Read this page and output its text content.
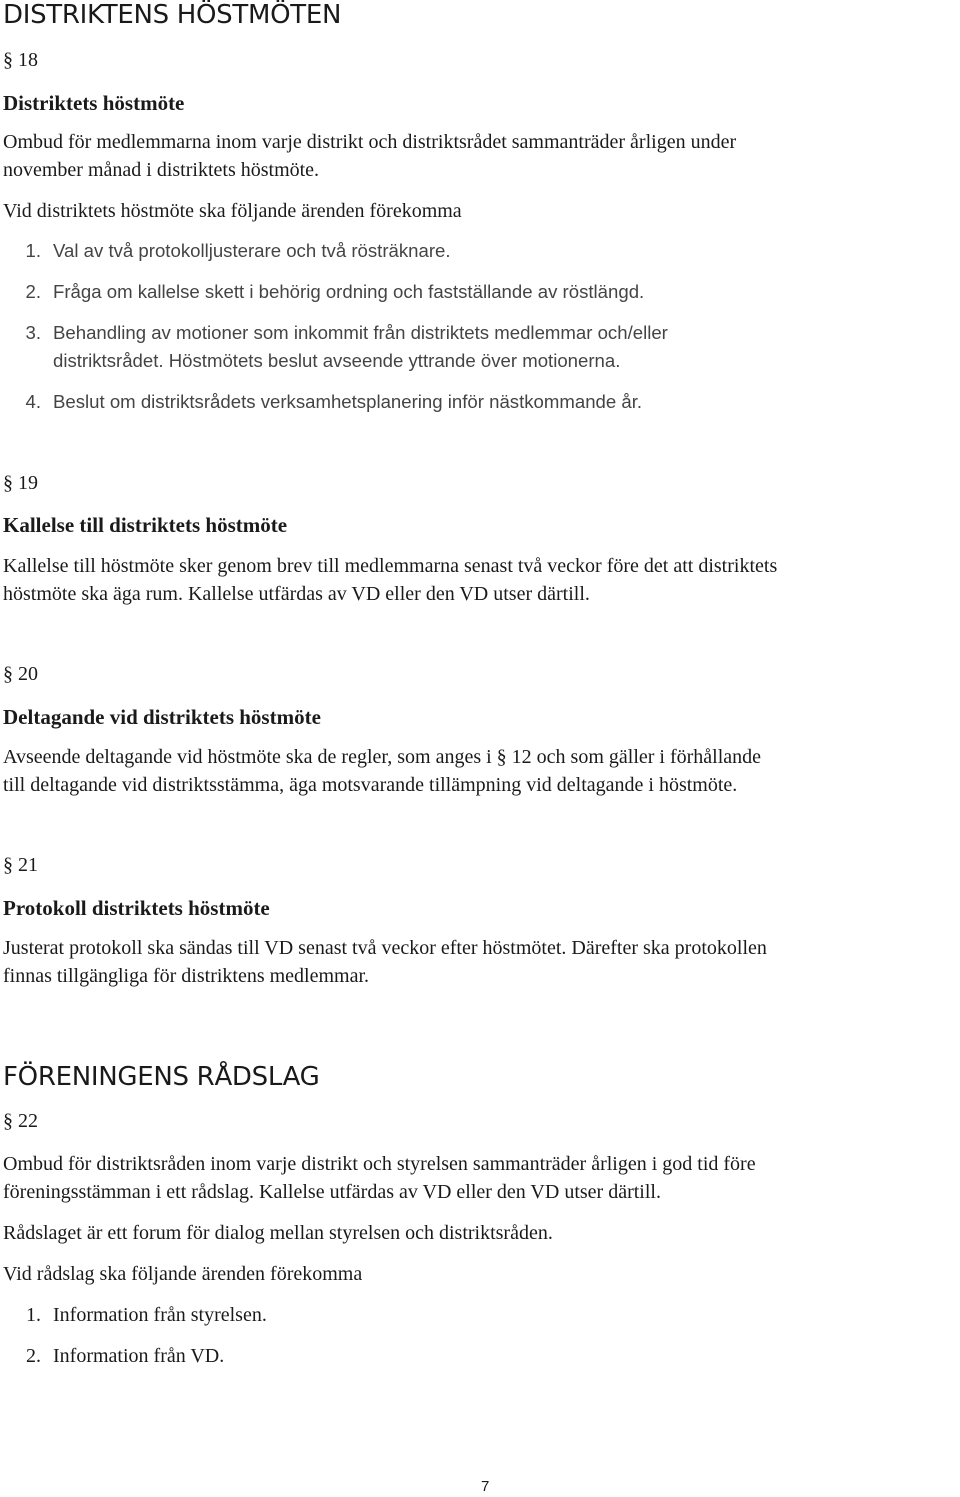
DISTRIKTENS HÖSTMÖTEN
§ 18
Distriktets höstmöte
Ombud för medlemmarna inom varje distrikt och distriktsrådet sammanträder årligen under
november månad i distriktets höstmöte.
Vid distriktets höstmöte ska följande ärenden förekomma
1. Val av två protokolljusterare och två rösträknare.
2. Fråga om kallelse skett i behörig ordning och fastställande av röstlängd.
3. Behandling av motioner som inkommit från distriktets medlemmar och/eller
distriktsrådet. Höstmötets beslut avseende yttrande över motionerna.
4. Beslut om distriktsrådets verksamhetsplanering inför nästkommande år.
§ 19
Kallelse till distriktets höstmöte
Kallelse till höstmöte sker genom brev till medlemmarna senast två veckor före det att distriktets
höstmöte ska äga rum. Kallelse utfärdas av VD eller den VD utser därtill.
§ 20
Deltagande vid distriktets höstmöte
Avseende deltagande vid höstmöte ska de regler, som anges i § 12 och som gäller i förhållande
till deltagande vid distriktsstämma, äga motsvarande tillämpning vid deltagande i höstmöte.
§ 21
Protokoll distriktets höstmöte
Justerat protokoll ska sändas till VD senast två veckor efter höstmötet. Därefter ska protokollen
finnas tillgängliga för distriktens medlemmar.
FÖRENINGENS RÅDSLAG
§ 22
Ombud för distriktsråden inom varje distrikt och styrelsen sammanträder årligen i god tid före
föreningsstämman i ett rådslag. Kallelse utfärdas av VD eller den VD utser därtill.
Rådslaget är ett forum för dialog mellan styrelsen och distriktsråden.
Vid rådslag ska följande ärenden förekomma
1. Information från styrelsen.
2. Information från VD.
7
